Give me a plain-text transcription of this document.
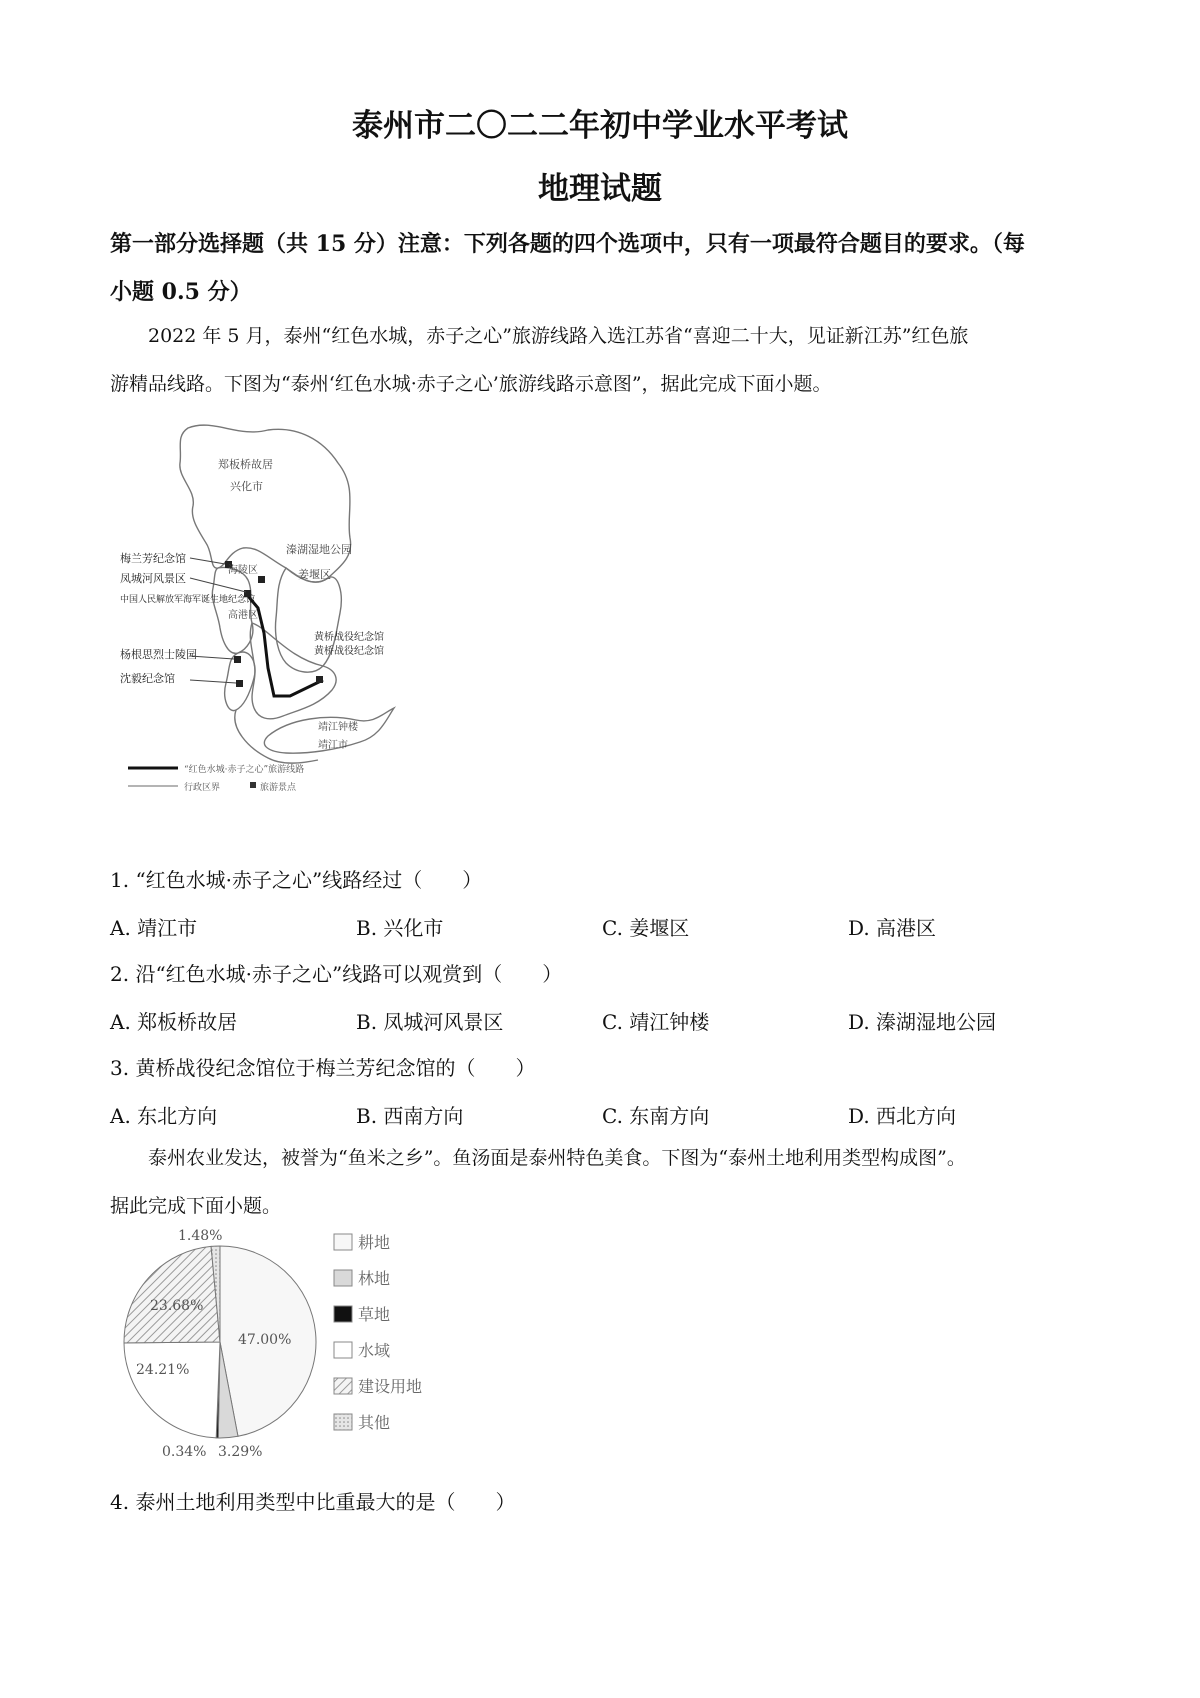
泰州市二〇二二年初中学业水平考试
地理试题
第一部分选择题（共 15 分）注意：下列各题的四个选项中，只有一项最符合题目的要求。（每
小题 0.5 分）
2022 年 5 月，泰州“红色水城，赤子之心”旅游线路入选江苏省“喜迎二十大，见证新江苏”红色旅
游精品线路。下图为“泰州‘红色水城·赤子之心’旅游线路示意图”，据此完成下面小题。
郑板桥故居
兴化市
溱湖湿地公园
姜堰区
海陵区
高港区
靖江市
靖江钟楼
梅兰芳纪念馆
凤城河风景区
中国人民解放军海军诞生地纪念馆
杨根思烈士陵园
沈毅纪念馆
黄桥战役纪念馆
黄桥战役纪念馆
“红色水城·赤子之心”旅游线路
行政区界	旅游景点
1. “红色水城·赤子之心”线路经过（　　）
A. 靖江市	B. 兴化市	C. 姜堰区	D. 高港区
2. 沿“红色水城·赤子之心”线路可以观赏到（　　）
A. 郑板桥故居	B. 凤城河风景区	C. 靖江钟楼	D. 溱湖湿地公园
3. 黄桥战役纪念馆位于梅兰芳纪念馆的（　　）
A. 东北方向	B. 西南方向	C. 东南方向	D. 西北方向
泰州农业发达，被誉为“鱼米之乡”。鱼汤面是泰州特色美食。下图为“泰州土地利用类型构成图”。
据此完成下面小题。
1.48%
23.68%
47.00%
24.21%
0.34% 3.29%
耕地
林地
草地
水域
建设用地
其他
4. 泰州土地利用类型中比重最大的是（　　）
